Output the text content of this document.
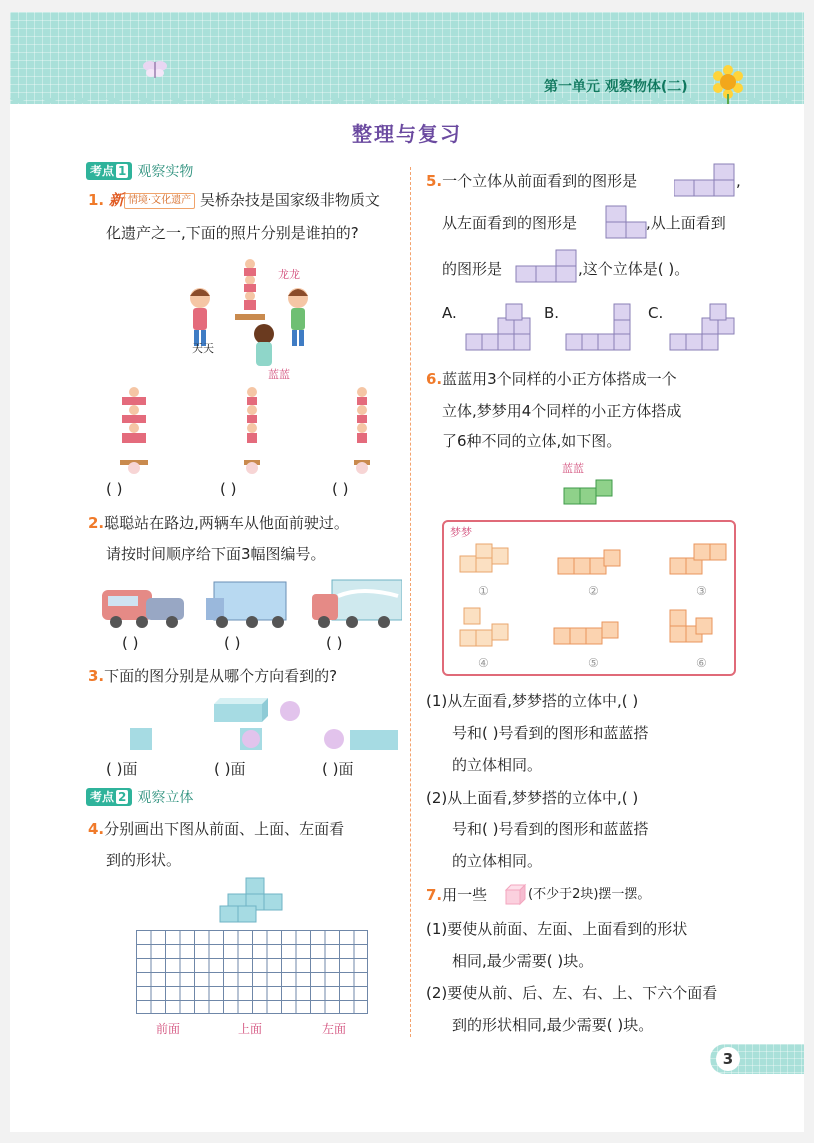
第一单元 观察物体(二)
整理与复习
考点 1 观察实物
1. 新 情境·文化遗产 吴桥杂技是国家级非物质文
化遗产之一,下面的照片分别是谁拍的?
龙龙
天天
蓝蓝
( )	( )	( )
2.聪聪站在路边,两辆车从他面前驶过。
请按时间顺序给下面3幅图编号。
( )	( )	( )
3.下面的图分别是从哪个方向看到的?
( )面	( )面	( )面
考点 2 观察立体
4.分别画出下图从前面、上面、左面看
到的形状。
前面	上面	左面
5.一个立体从前面看到的图形是	,
从左面看到的图形是	,从上面看到
的图形是	,这个立体是( )。
A.	B.	C.
6.蓝蓝用3个同样的小正方体搭成一个
立体,梦梦用4个同样的小正方体搭成
了6种不同的立体,如下图。
蓝蓝
梦梦
①	②	③
④	⑤	⑥
(1)从左面看,梦梦搭的立体中,( )
号和( )号看到的图形和蓝蓝搭
的立体相同。
(2)从上面看,梦梦搭的立体中,( )
号和( )号看到的图形和蓝蓝搭
的立体相同。
7.用一些	(不少于2块)摆一摆。
(1)要使从前面、左面、上面看到的形状
相同,最少需要( )块。
(2)要使从前、后、左、右、上、下六个面看
到的形状相同,最少需要( )块。
3
